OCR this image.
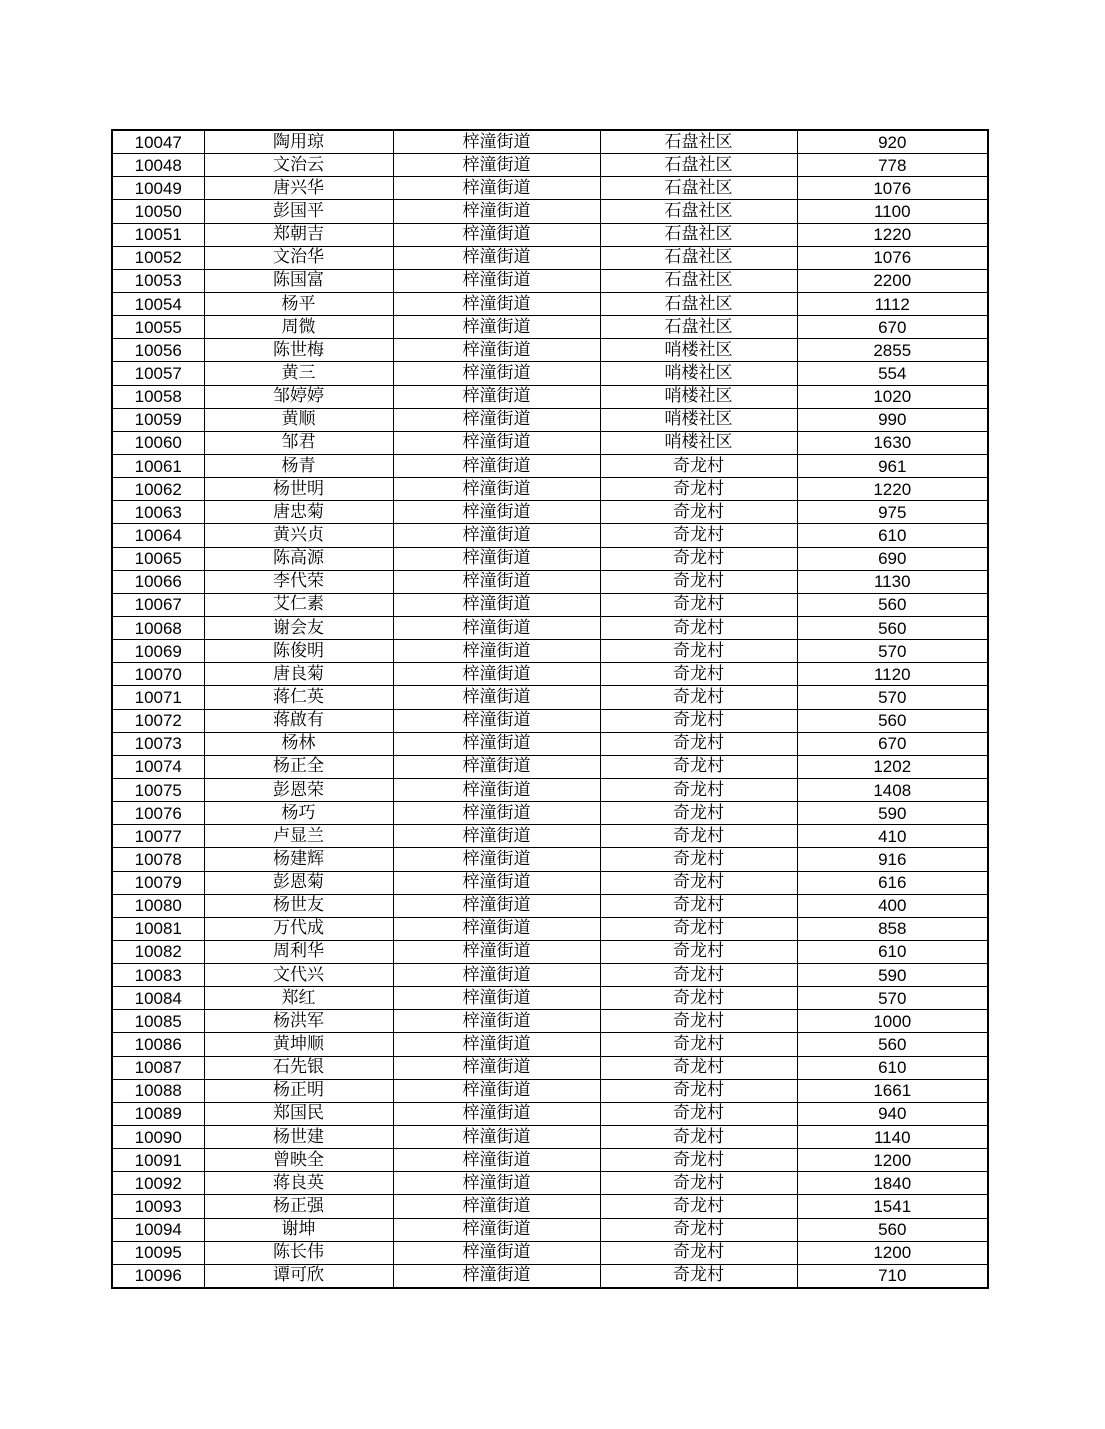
10047	陶用琼	梓潼街道	石盘社区	920
10048	文治云	梓潼街道	石盘社区	778
10049	唐兴华	梓潼街道	石盘社区	1076
10050	彭国平	梓潼街道	石盘社区	1100
10051	郑朝吉	梓潼街道	石盘社区	1220
10052	文治华	梓潼街道	石盘社区	1076
10053	陈国富	梓潼街道	石盘社区	2200
10054	杨平	梓潼街道	石盘社区	1112
10055	周微	梓潼街道	石盘社区	670
10056	陈世梅	梓潼街道	哨楼社区	2855
10057	黄三	梓潼街道	哨楼社区	554
10058	邹婷婷	梓潼街道	哨楼社区	1020
10059	黄顺	梓潼街道	哨楼社区	990
10060	邹君	梓潼街道	哨楼社区	1630
10061	杨青	梓潼街道	奇龙村	961
10062	杨世明	梓潼街道	奇龙村	1220
10063	唐忠菊	梓潼街道	奇龙村	975
10064	黄兴贞	梓潼街道	奇龙村	610
10065	陈高源	梓潼街道	奇龙村	690
10066	李代荣	梓潼街道	奇龙村	1130
10067	艾仁素	梓潼街道	奇龙村	560
10068	谢会友	梓潼街道	奇龙村	560
10069	陈俊明	梓潼街道	奇龙村	570
10070	唐良菊	梓潼街道	奇龙村	1120
10071	蒋仁英	梓潼街道	奇龙村	570
10072	蒋啟有	梓潼街道	奇龙村	560
10073	杨林	梓潼街道	奇龙村	670
10074	杨正全	梓潼街道	奇龙村	1202
10075	彭恩荣	梓潼街道	奇龙村	1408
10076	杨巧	梓潼街道	奇龙村	590
10077	卢显兰	梓潼街道	奇龙村	410
10078	杨建辉	梓潼街道	奇龙村	916
10079	彭恩菊	梓潼街道	奇龙村	616
10080	杨世友	梓潼街道	奇龙村	400
10081	万代成	梓潼街道	奇龙村	858
10082	周利华	梓潼街道	奇龙村	610
10083	文代兴	梓潼街道	奇龙村	590
10084	郑红	梓潼街道	奇龙村	570
10085	杨洪军	梓潼街道	奇龙村	1000
10086	黄坤顺	梓潼街道	奇龙村	560
10087	石先银	梓潼街道	奇龙村	610
10088	杨正明	梓潼街道	奇龙村	1661
10089	郑国民	梓潼街道	奇龙村	940
10090	杨世建	梓潼街道	奇龙村	1140
10091	曾映全	梓潼街道	奇龙村	1200
10092	蒋良英	梓潼街道	奇龙村	1840
10093	杨正强	梓潼街道	奇龙村	1541
10094	谢坤	梓潼街道	奇龙村	560
10095	陈长伟	梓潼街道	奇龙村	1200
10096	谭可欣	梓潼街道	奇龙村	710
